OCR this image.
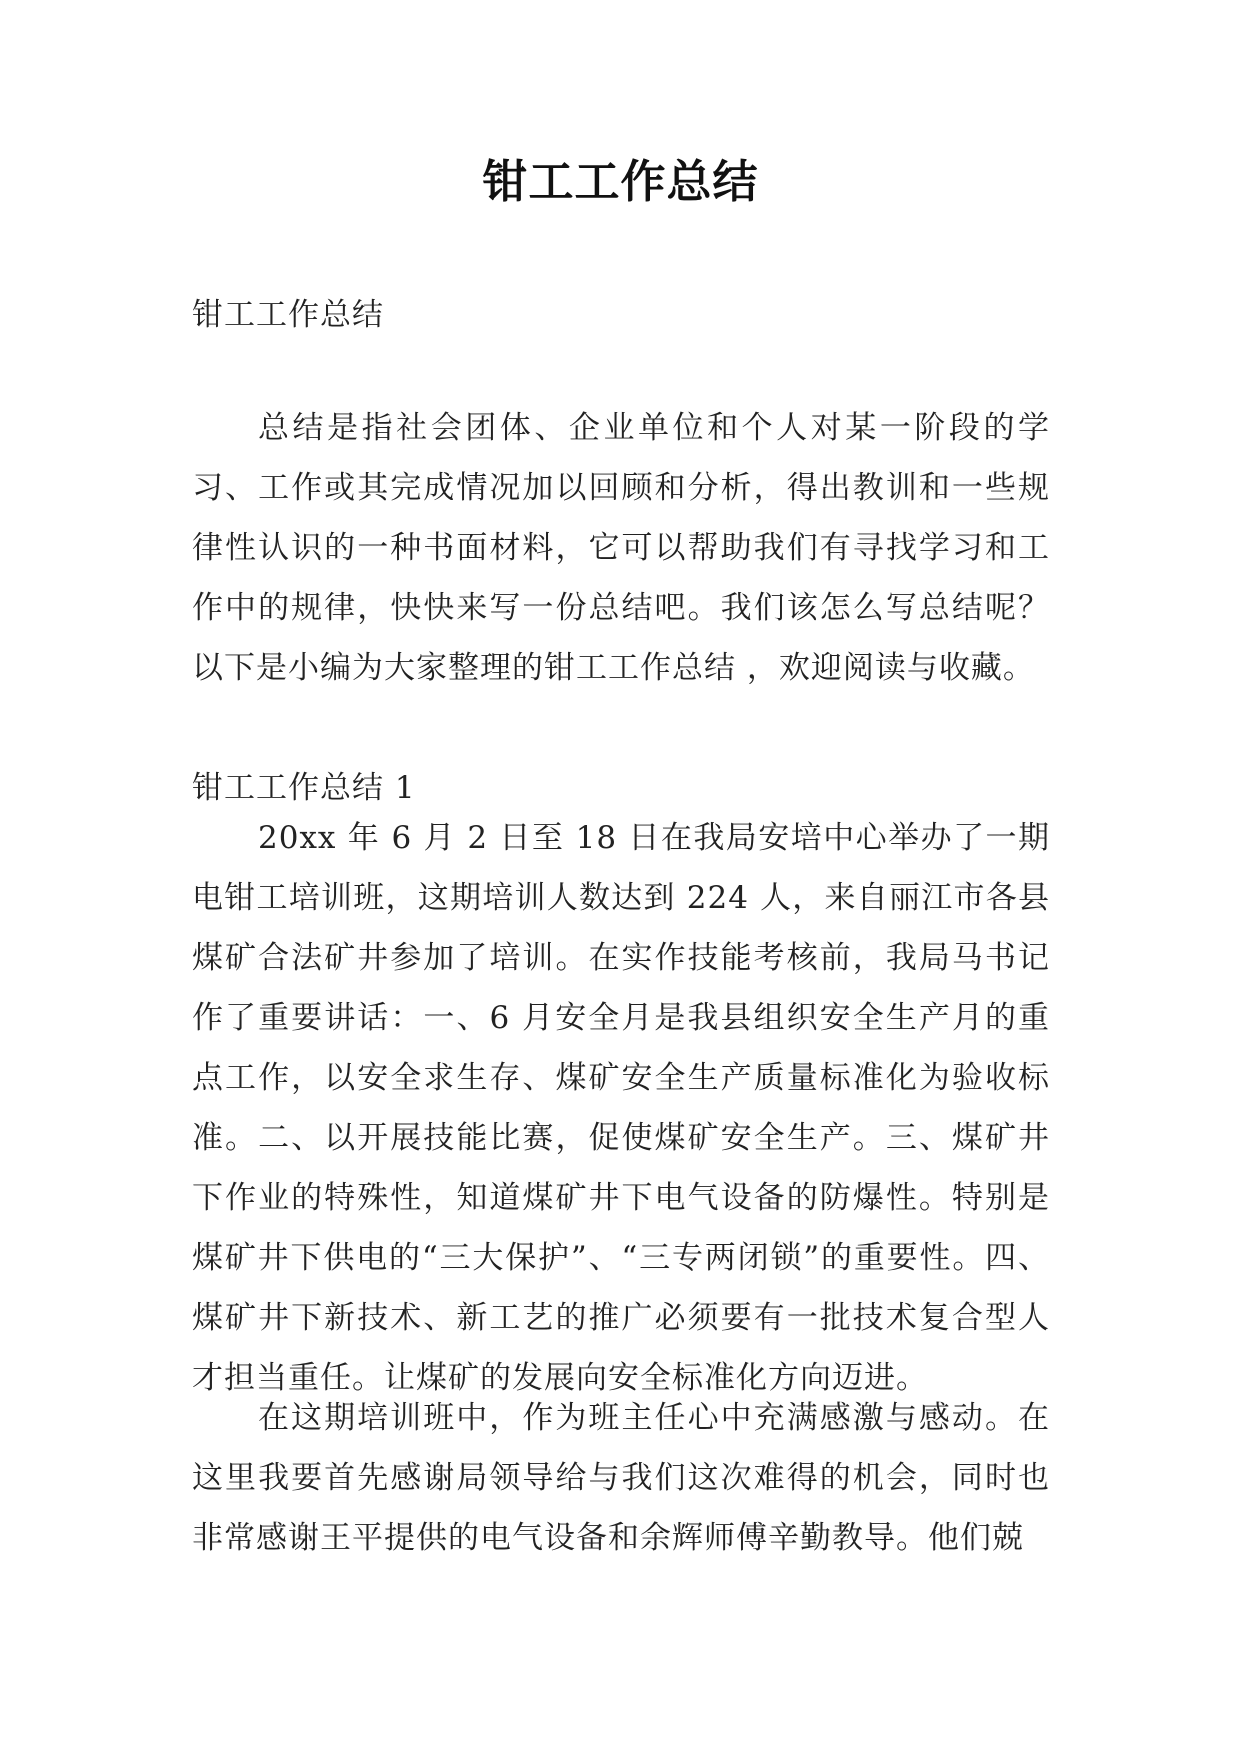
钳工工作总结

钳工工作总结

总结是指社会团体、企业单位和个人对某一阶段的学习、工作或其完成情况加以回顾和分析，得出教训和一些规律性认识的一种书面材料，它可以帮助我们有寻找学习和工作中的规律，快快来写一份总结吧。我们该怎么写总结呢？以下是小编为大家整理的钳工工作总结 ，欢迎阅读与收藏。

钳工工作总结 1

20xx 年 6 月 2 日至 18 日在我局安培中心举办了一期电钳工培训班，这期培训人数达到 224 人，来自丽江市各县煤矿合法矿井参加了培训。在实作技能考核前，我局马书记作了重要讲话：一、6 月安全月是我县组织安全生产月的重点工作，以安全求生存、煤矿安全生产质量标准化为验收标准。二、以开展技能比赛，促使煤矿安全生产。三、煤矿井下作业的特殊性，知道煤矿井下电气设备的防爆性。特别是煤矿井下供电的“三大保护”、“三专两闭锁”的重要性。四、煤矿井下新技术、新工艺的推广必须要有一批技术复合型人才担当重任。让煤矿的发展向安全标准化方向迈进。

在这期培训班中，作为班主任心中充满感激与感动。在这里我要首先感谢局领导给与我们这次难得的机会，同时也非常感谢王平提供的电气设备和余辉师傅辛勤教导。他们兢
